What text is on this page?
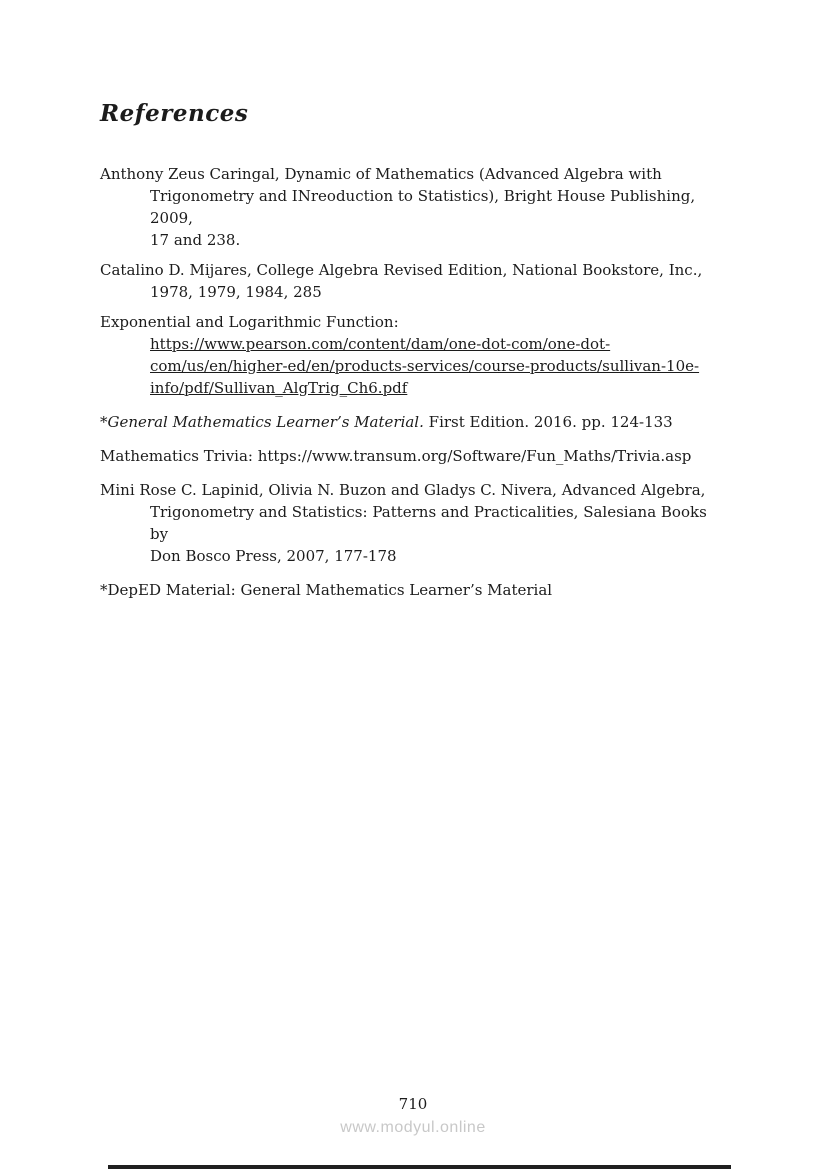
References
Anthony Zeus Caringal, Dynamic of Mathematics (Advanced Algebra with
Trigonometry and INreoduction to Statistics), Bright House Publishing, 2009,
17 and 238.
Catalino D. Mijares, College Algebra Revised Edition, National Bookstore, Inc.,
1978, 1979, 1984, 285
Exponential and Logarithmic Function:
https://www.pearson.com/content/dam/one-dot-com/one-dot-
com/us/en/higher-ed/en/products-services/course-products/sullivan-10e-
info/pdf/Sullivan_AlgTrig_Ch6.pdf
*General Mathematics Learner’s Material. First Edition. 2016. pp. 124-133
Mathematics Trivia: https://www.transum.org/Software/Fun_Maths/Trivia.asp
Mini Rose C. Lapinid, Olivia N. Buzon and Gladys C. Nivera, Advanced Algebra,
Trigonometry and Statistics: Patterns and Practicalities, Salesiana Books by
Don Bosco Press, 2007, 177-178
*DepED Material: General Mathematics Learner’s Material
710
www.modyul.online
